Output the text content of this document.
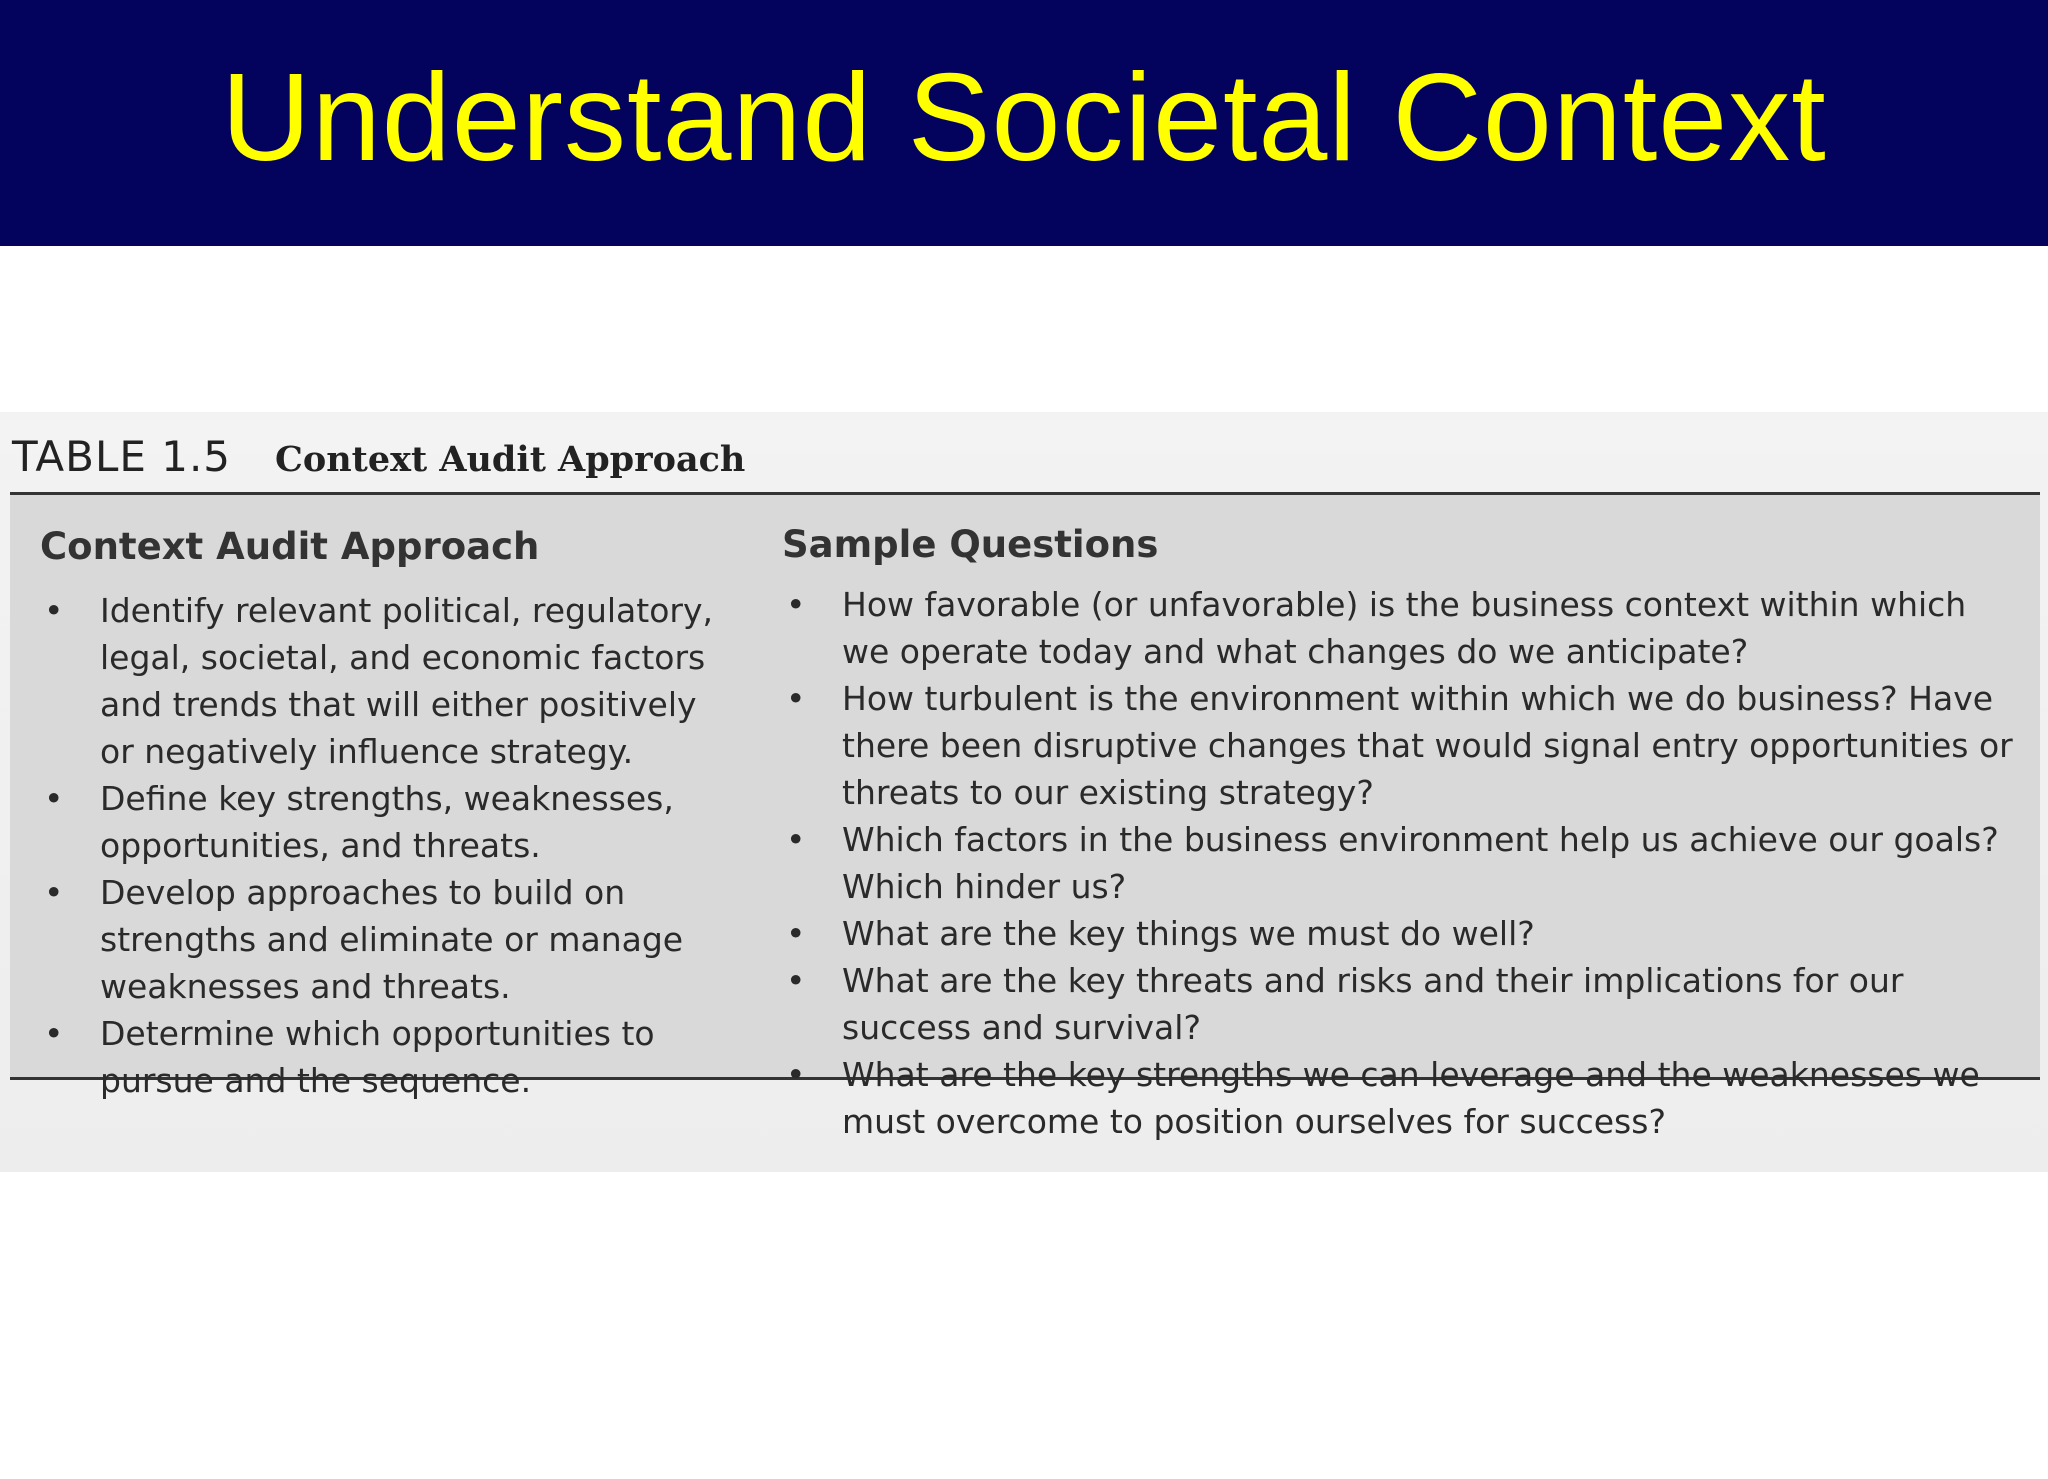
Understand Societal Context
TABLE 1.5 Context Audit Approach
Context Audit Approach	Sample Questions
• Identify relevant political, regulatory, legal, societal, and economic factors and trends that will either positively or negatively influence strategy.
• Define key strengths, weaknesses, opportunities, and threats.
• Develop approaches to build on strengths and eliminate or manage weaknesses and threats.
• Determine which opportunities to pursue and the sequence.
• How favorable (or unfavorable) is the business context within which we operate today and what changes do we anticipate?
• How turbulent is the environment within which we do business? Have there been disruptive changes that would signal entry opportunities or threats to our existing strategy?
• Which factors in the business environment help us achieve our goals? Which hinder us?
• What are the key things we must do well?
• What are the key threats and risks and their implications for our success and survival?
• What are the key strengths we can leverage and the weaknesses we must overcome to position ourselves for success?
